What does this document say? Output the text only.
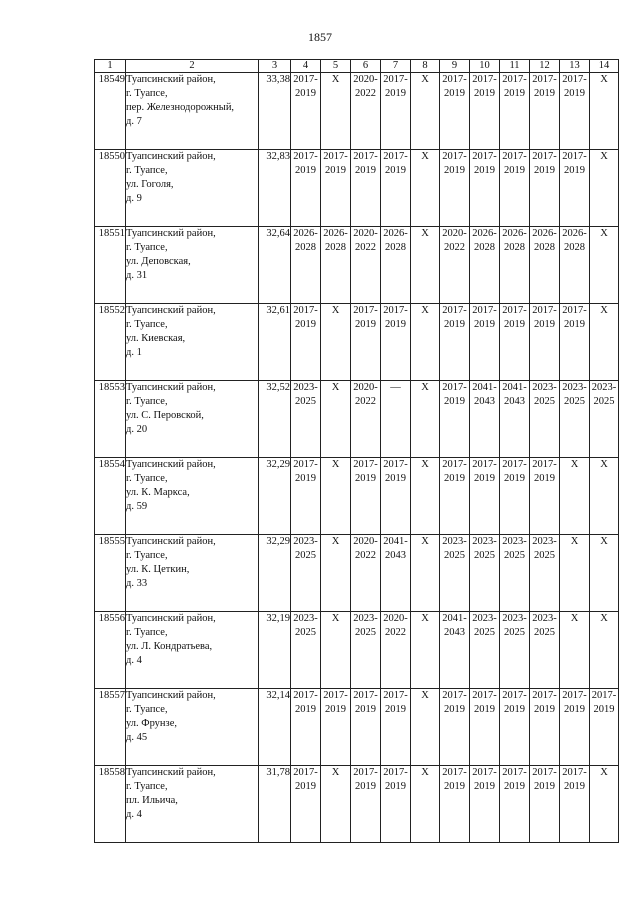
1857
1	2	3	4	5	6	7	8	9	10	11	12	13	14
18549	Туапсинский район,
г. Туапсе,
пер. Железнодорожный,
д. 7	33,38	2017-
2019	X	2020-
2022	2017-
2019	X	2017-
2019	2017-
2019	2017-
2019	2017-
2019	2017-
2019	X

18550	Туапсинский район,
г. Туапсе,
ул. Гоголя,
д. 9	32,83	2017-
2019	2017-
2019	2017-
2019	2017-
2019	X	2017-
2019	2017-
2019	2017-
2019	2017-
2019	2017-
2019	X

18551	Туапсинский район,
г. Туапсе,
ул. Деповская,
д. 31	32,64	2026-
2028	2026-
2028	2020-
2022	2026-
2028	X	2020-
2022	2026-
2028	2026-
2028	2026-
2028	2026-
2028	X

18552	Туапсинский район,
г. Туапсе,
ул. Киевская,
д. 1	32,61	2017-
2019	X	2017-
2019	2017-
2019	X	2017-
2019	2017-
2019	2017-
2019	2017-
2019	2017-
2019	X

18553	Туапсинский район,
г. Туапсе,
ул. С. Перовской,
д. 20	32,52	2023-
2025	X	2020-
2022	—	X	2017-
2019	2041-
2043	2041-
2043	2023-
2025	2023-
2025	2023-
2025

18554	Туапсинский район,
г. Туапсе,
ул. К. Маркса,
д. 59	32,29	2017-
2019	X	2017-
2019	2017-
2019	X	2017-
2019	2017-
2019	2017-
2019	2017-
2019	X	X

18555	Туапсинский район,
г. Туапсе,
ул. К. Цеткин,
д. 33	32,29	2023-
2025	X	2020-
2022	2041-
2043	X	2023-
2025	2023-
2025	2023-
2025	2023-
2025	X	X

18556	Туапсинский район,
г. Туапсе,
ул. Л. Кондратьева,
д. 4	32,19	2023-
2025	X	2023-
2025	2020-
2022	X	2041-
2043	2023-
2025	2023-
2025	2023-
2025	X	X

18557	Туапсинский район,
г. Туапсе,
ул. Фрунзе,
д. 45	32,14	2017-
2019	2017-
2019	2017-
2019	2017-
2019	X	2017-
2019	2017-
2019	2017-
2019	2017-
2019	2017-
2019	2017-
2019

18558	Туапсинский район,
г. Туапсе,
пл. Ильича,
д. 4	31,78	2017-
2019	X	2017-
2019	2017-
2019	X	2017-
2019	2017-
2019	2017-
2019	2017-
2019	2017-
2019	X
